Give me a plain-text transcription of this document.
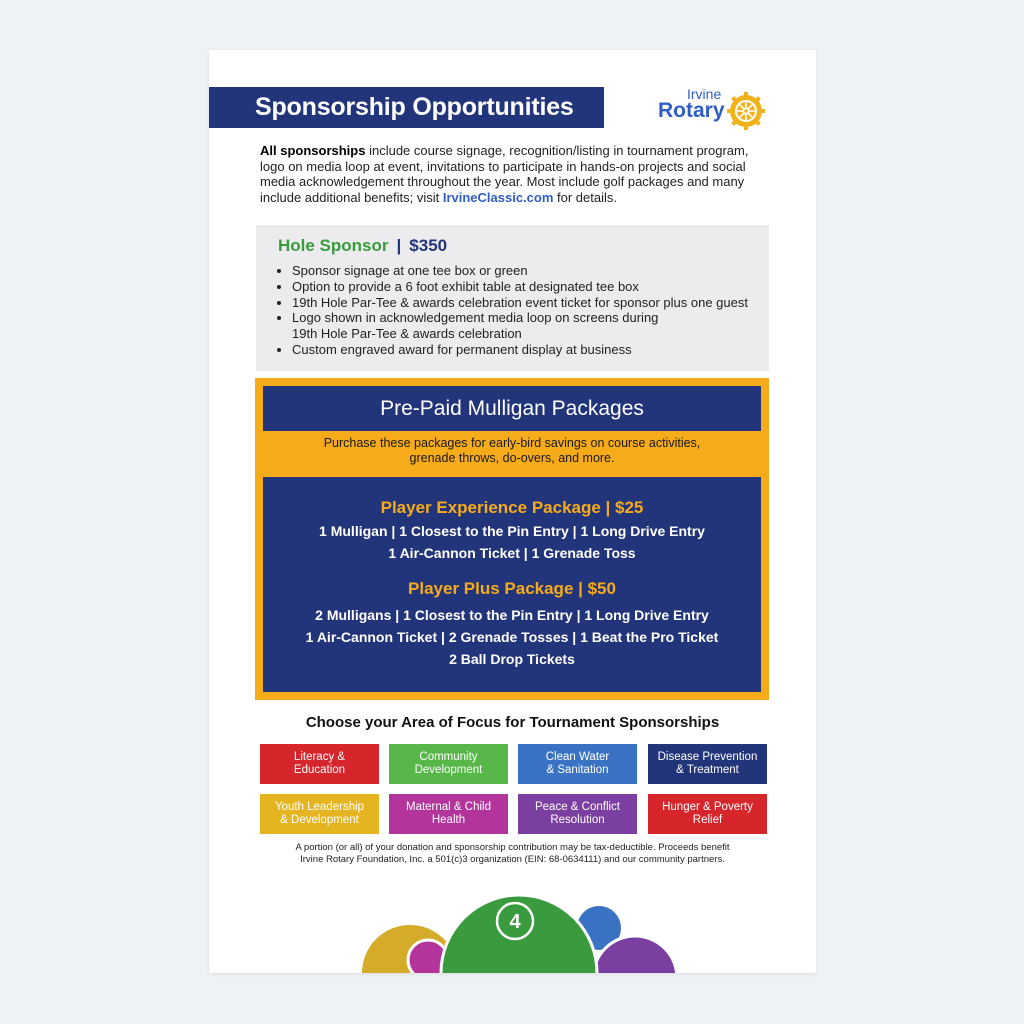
Sponsorship Opportunities	Irvine
Rotary
All sponsorships include course signage, recognition/listing in tournament program, logo on media loop at event, invitations to participate in hands-on projects and social media acknowledgement throughout the year. Most include golf packages and many include additional benefits; visit IrvineClassic.com for details.
Hole Sponsor | $350
• Sponsor signage at one tee box or green
• Option to provide a 6 foot exhibit table at designated tee box
• 19th Hole Par-Tee & awards celebration event ticket for sponsor plus one guest
• Logo shown in acknowledgement media loop on screens during
19th Hole Par-Tee & awards celebration
• Custom engraved award for permanent display at business
Pre-Paid Mulligan Packages
Purchase these packages for early-bird savings on course activities,
grenade throws, do-overs, and more.
Player Experience Package | $25
1 Mulligan | 1 Closest to the Pin Entry | 1 Long Drive Entry
1 Air-Cannon Ticket | 1 Grenade Toss
Player Plus Package | $50
2 Mulligans | 1 Closest to the Pin Entry | 1 Long Drive Entry
1 Air-Cannon Ticket | 2 Grenade Tosses | 1 Beat the Pro Ticket
2 Ball Drop Tickets
Choose your Area of Focus for Tournament Sponsorships
Literacy &
Education
Community
Development
Clean Water
& Sanitation
Disease Prevention
& Treatment
Youth Leadership
& Development
Maternal & Child
Health
Peace & Conflict
Resolution
Hunger & Poverty
Relief
A portion (or all) of your donation and sponsorship contribution may be tax-deductible. Proceeds benefit
Irvine Rotary Foundation, Inc. a 501(c)3 organization (EIN: 68-0634111) and our community partners.
4
